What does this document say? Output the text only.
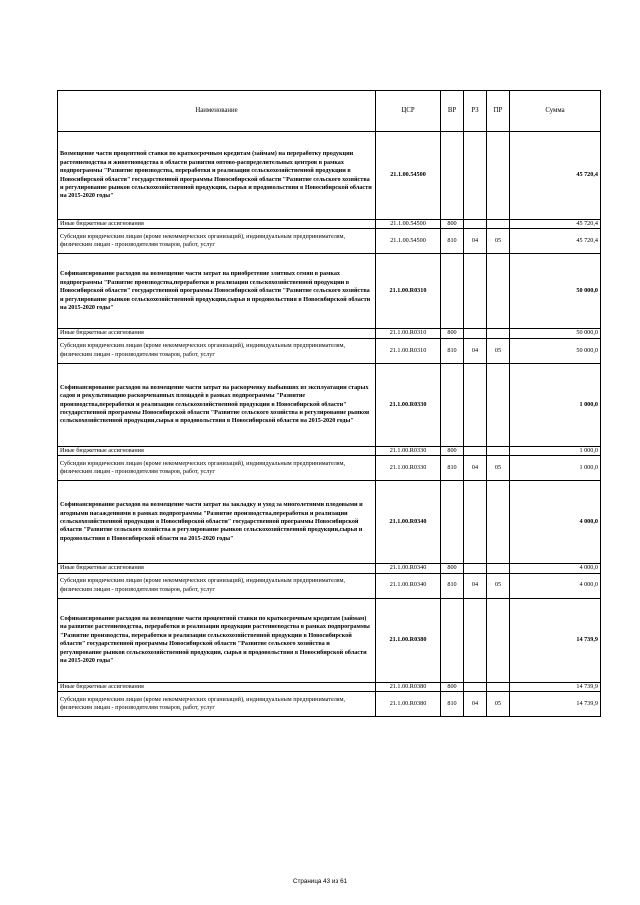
Наименование	ЦСР	ВР	РЗ	ПР	Сумма
Возмещение части процентной ставки по краткосрочным кредитам (займам) на переработку продукции растениеводства и животноводства в области развития оптово-распределительных центров в рамках подпрограммы "Развитие производства, переработки и реализации сельскохозяйственной продукции в Новосибирской области" государственной программы Новосибирской области "Развитие сельского хозяйства и регулирование рынков сельскохозяйственной продукции, сырья и продовольствия в Новосибирской области на 2015-2020 годы"	21.1.00.54500				45 720,4
Иные бюджетные ассигнования	21.1.00.54500	800			45 720,4
Субсидии юридическим лицам (кроме некоммерческих организаций), индивидуальным предпринимателям, физическим лицам - производителям товаров, работ, услуг	21.1.00.54500	810	04	05	45 720,4
Софинансирование расходов на возмещение части затрат на приобретение элитных семян в рамках подпрограммы "Развитие производства,переработки и реализации сельскохозяйственной продукции в Новосибирской области" государственной программы Новосибирской области "Развитие сельского хозяйства и регулирование рынков сельскохозяйственной продукции,сырья и продовольствия в Новосибирской области на 2015-2020 годы"	21.1.00.R0310				50 000,0
Иные бюджетные ассигнования	21.1.00.R0310	800			50 000,0
Субсидии юридическим лицам (кроме некоммерческих организаций), индивидуальным предпринимателям, физическим лицам - производителям товаров, работ, услуг	21.1.00.R0310	810	04	05	50 000,0
Софинансирование расходов на возмещение части затрат на раскорчевку выбывших из эксплуатации старых садов и рекультивацию раскорчеванных площадей в рамках подпрограммы "Развитие производства,переработки и реализации сельскохозяйственной продукции в Новосибирской области" государственной программы Новосибирской области "Развитие сельского хозяйства и регулирование рынков сельскохозяйственной продукции,сырья и продовольствия в Новосибирской области на 2015-2020 годы"	21.1.00.R0330				1 000,0
Иные бюджетные ассигнования	21.1.00.R0330	800			1 000,0
Субсидии юридическим лицам (кроме некоммерческих организаций), индивидуальным предпринимателям, физическим лицам - производителям товаров, работ, услуг	21.1.00.R0330	810	04	05	1 000,0
Софинансирование расходов на возмещение части затрат на закладку и уход за многолетними плодовыми и ягодными насаждениями в рамках подпрограммы "Развитие производства,переработки и реализации сельскохозяйственной продукции в Новосибирской области" государственной программы Новосибирской области "Развитие сельского хозяйства и регулирование рынков сельскохозяйственной продукции,сырья и продовольствия в Новосибирской области на 2015-2020 годы"	21.1.00.R0340				4 000,0
Иные бюджетные ассигнования	21.1.00.R0340	800			4 000,0
Субсидии юридическим лицам (кроме некоммерческих организаций), индивидуальным предпринимателям, физическим лицам - производителям товаров, работ, услуг	21.1.00.R0340	810	04	05	4 000,0
Софинансирование расходов на возмещение части процентной ставки по краткосрочным кредитам (займам) на развитие растениеводства, переработки и реализации продукции растениеводства в рамках подпрограммы "Развитие производства, переработки и реализации сельскохозяйственной продукции в Новосибирской области" государственной программы Новосибирской области "Развитие сельского хозяйства и регулирование рынков сельскохозяйственной продукции, сырья и продовольствия в Новосибирской области на 2015-2020 годы"	21.1.00.R0380				14 739,9
Иные бюджетные ассигнования	21.1.00.R0380	800			14 739,9
Субсидии юридическим лицам (кроме некоммерческих организаций), индивидуальным предпринимателям, физическим лицам - производителям товаров, работ, услуг	21.1.00.R0380	810	04	05	14 739,9
Страница 43 из 61
